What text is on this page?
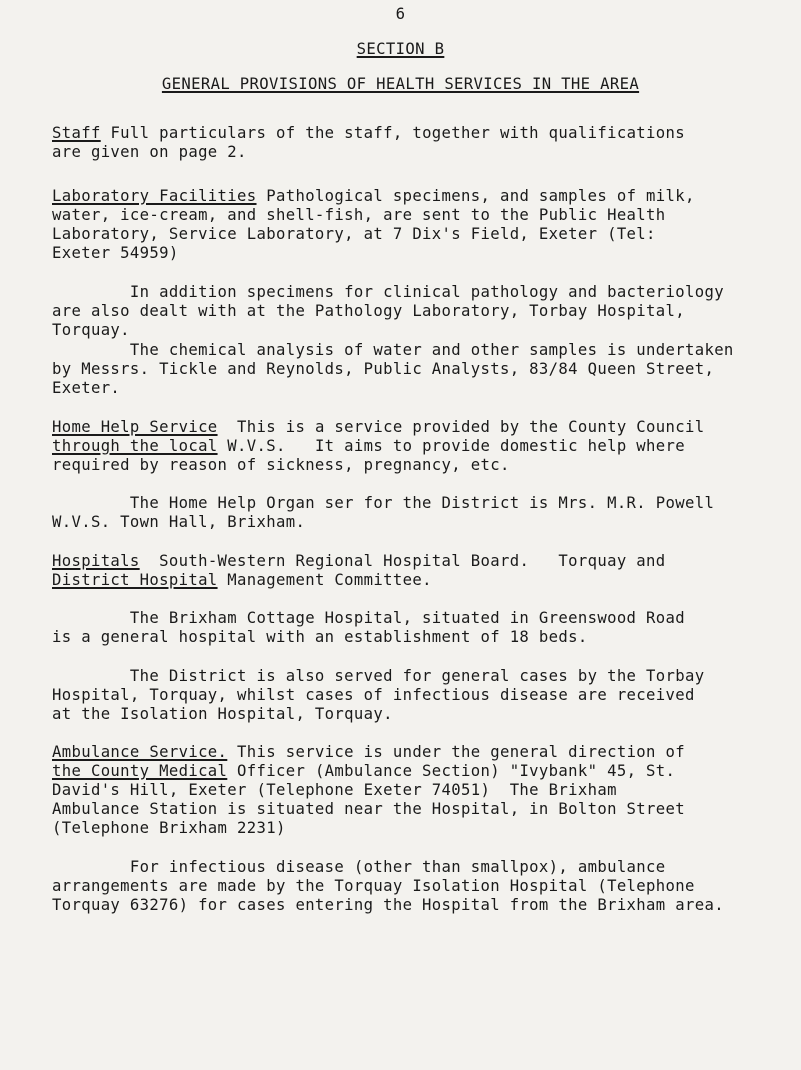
6
SECTION B
GENERAL PROVISIONS OF HEALTH SERVICES IN THE AREA
Staff Full particulars of the staff, together with qualifications
are given on page 2.
Laboratory Facilities Pathological specimens, and samples of milk,
water, ice-cream, and shell-fish, are sent to the Public Health
Laboratory, Service Laboratory, at 7 Dix's Field, Exeter (Tel:
Exeter 54959)
In addition specimens for clinical pathology and bacteriology
are also dealt with at the Pathology Laboratory, Torbay Hospital,
Torquay.
The chemical analysis of water and other samples is undertaken
by Messrs. Tickle and Reynolds, Public Analysts, 83/84 Queen Street,
Exeter.
Home Help Service  This is a service provided by the County Council
through the local W.V.S.   It aims to provide domestic help where
required by reason of sickness, pregnancy, etc.
The Home Help Organ ser for the District is Mrs. M.R. Powell
W.V.S. Town Hall, Brixham.
Hospitals  South-Western Regional Hospital Board.   Torquay and
District Hospital Management Committee.
The Brixham Cottage Hospital, situated in Greenswood Road
is a general hospital with an establishment of 18 beds.
The District is also served for general cases by the Torbay
Hospital, Torquay, whilst cases of infectious disease are received
at the Isolation Hospital, Torquay.
Ambulance Service. This service is under the general direction of
the County Medical Officer (Ambulance Section) "Ivybank" 45, St.
David's Hill, Exeter (Telephone Exeter 74051)  The Brixham
Ambulance Station is situated near the Hospital, in Bolton Street
(Telephone Brixham 2231)
For infectious disease (other than smallpox), ambulance
arrangements are made by the Torquay Isolation Hospital (Telephone
Torquay 63276) for cases entering the Hospital from the Brixham area.
